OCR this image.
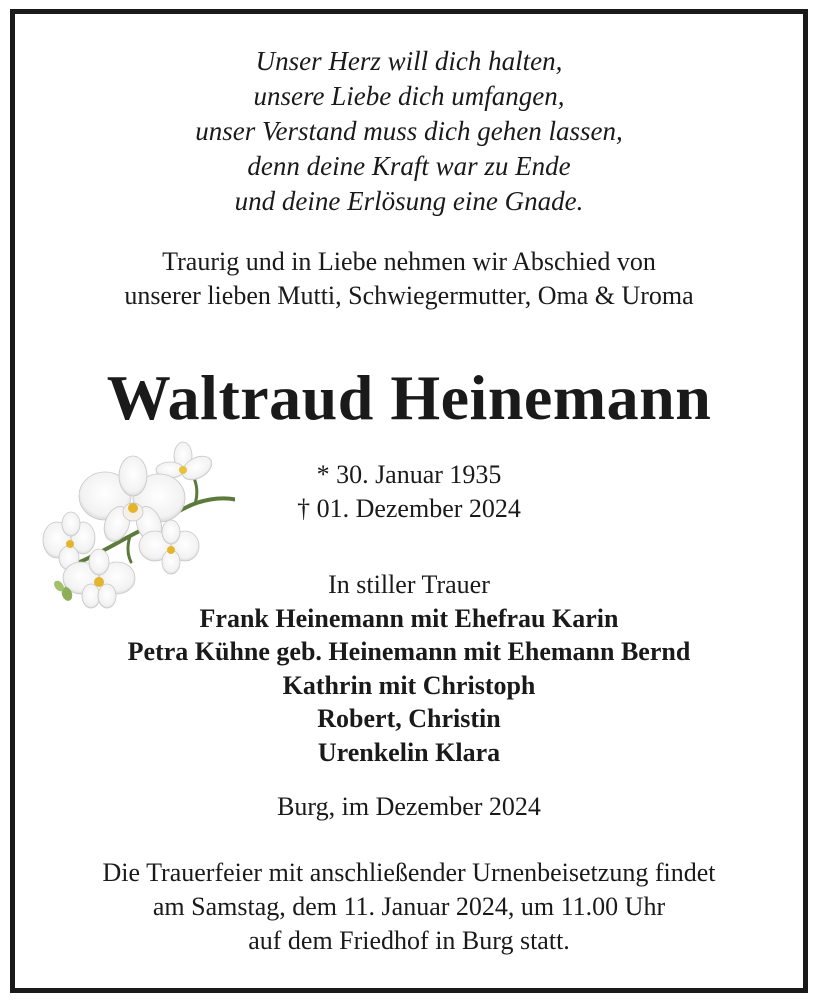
Unser Herz will dich halten,
unsere Liebe dich umfangen,
unser Verstand muss dich gehen lassen,
denn deine Kraft war zu Ende
und deine Erlösung eine Gnade.
Traurig und in Liebe nehmen wir Abschied von
unserer lieben Mutti, Schwiegermutter, Oma & Uroma
Waltraud Heinemann
* 30. Januar 1935
† 01. Dezember 2024
In stiller Trauer
Frank Heinemann mit Ehefrau Karin
Petra Kühne geb. Heinemann mit Ehemann Bernd
Kathrin mit Christoph
Robert, Christin
Urenkelin Klara
Burg, im Dezember 2024
Die Trauerfeier mit anschließender Urnenbeisetzung findet
am Samstag, dem 11. Januar 2024, um 11.00 Uhr
auf dem Friedhof in Burg statt.
